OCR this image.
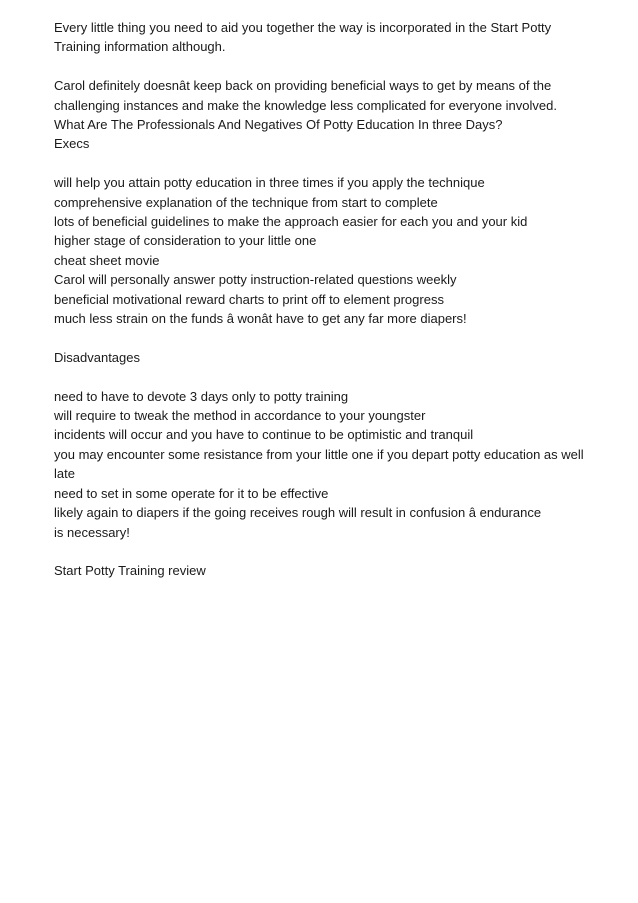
Every little thing you need to aid you together the way is incorporated in the Start Potty Training information although.

Carol definitely doesnât keep back on providing beneficial ways to get by means of the
challenging instances and make the knowledge less complicated for everyone involved.
What Are The Professionals And Negatives Of Potty Education In three Days?
Execs

will help you attain potty education in three times if you apply the technique
comprehensive explanation of the technique from start to complete
lots of beneficial guidelines to make the approach easier for each you and your kid
higher stage of consideration to your little one
cheat sheet movie
Carol will personally answer potty instruction-related questions weekly
beneficial motivational reward charts to print off to element progress
much less strain on the funds â wonât have to get any far more diapers!

Disadvantages

need to have to devote 3 days only to potty training
will require to tweak the method in accordance to your youngster
incidents will occur and you have to continue to be optimistic and tranquil
you may encounter some resistance from your little one if you depart potty education as well late
need to set in some operate for it to be effective
likely again to diapers if the going receives rough will result in confusion â endurance is necessary!

Start Potty Training review
